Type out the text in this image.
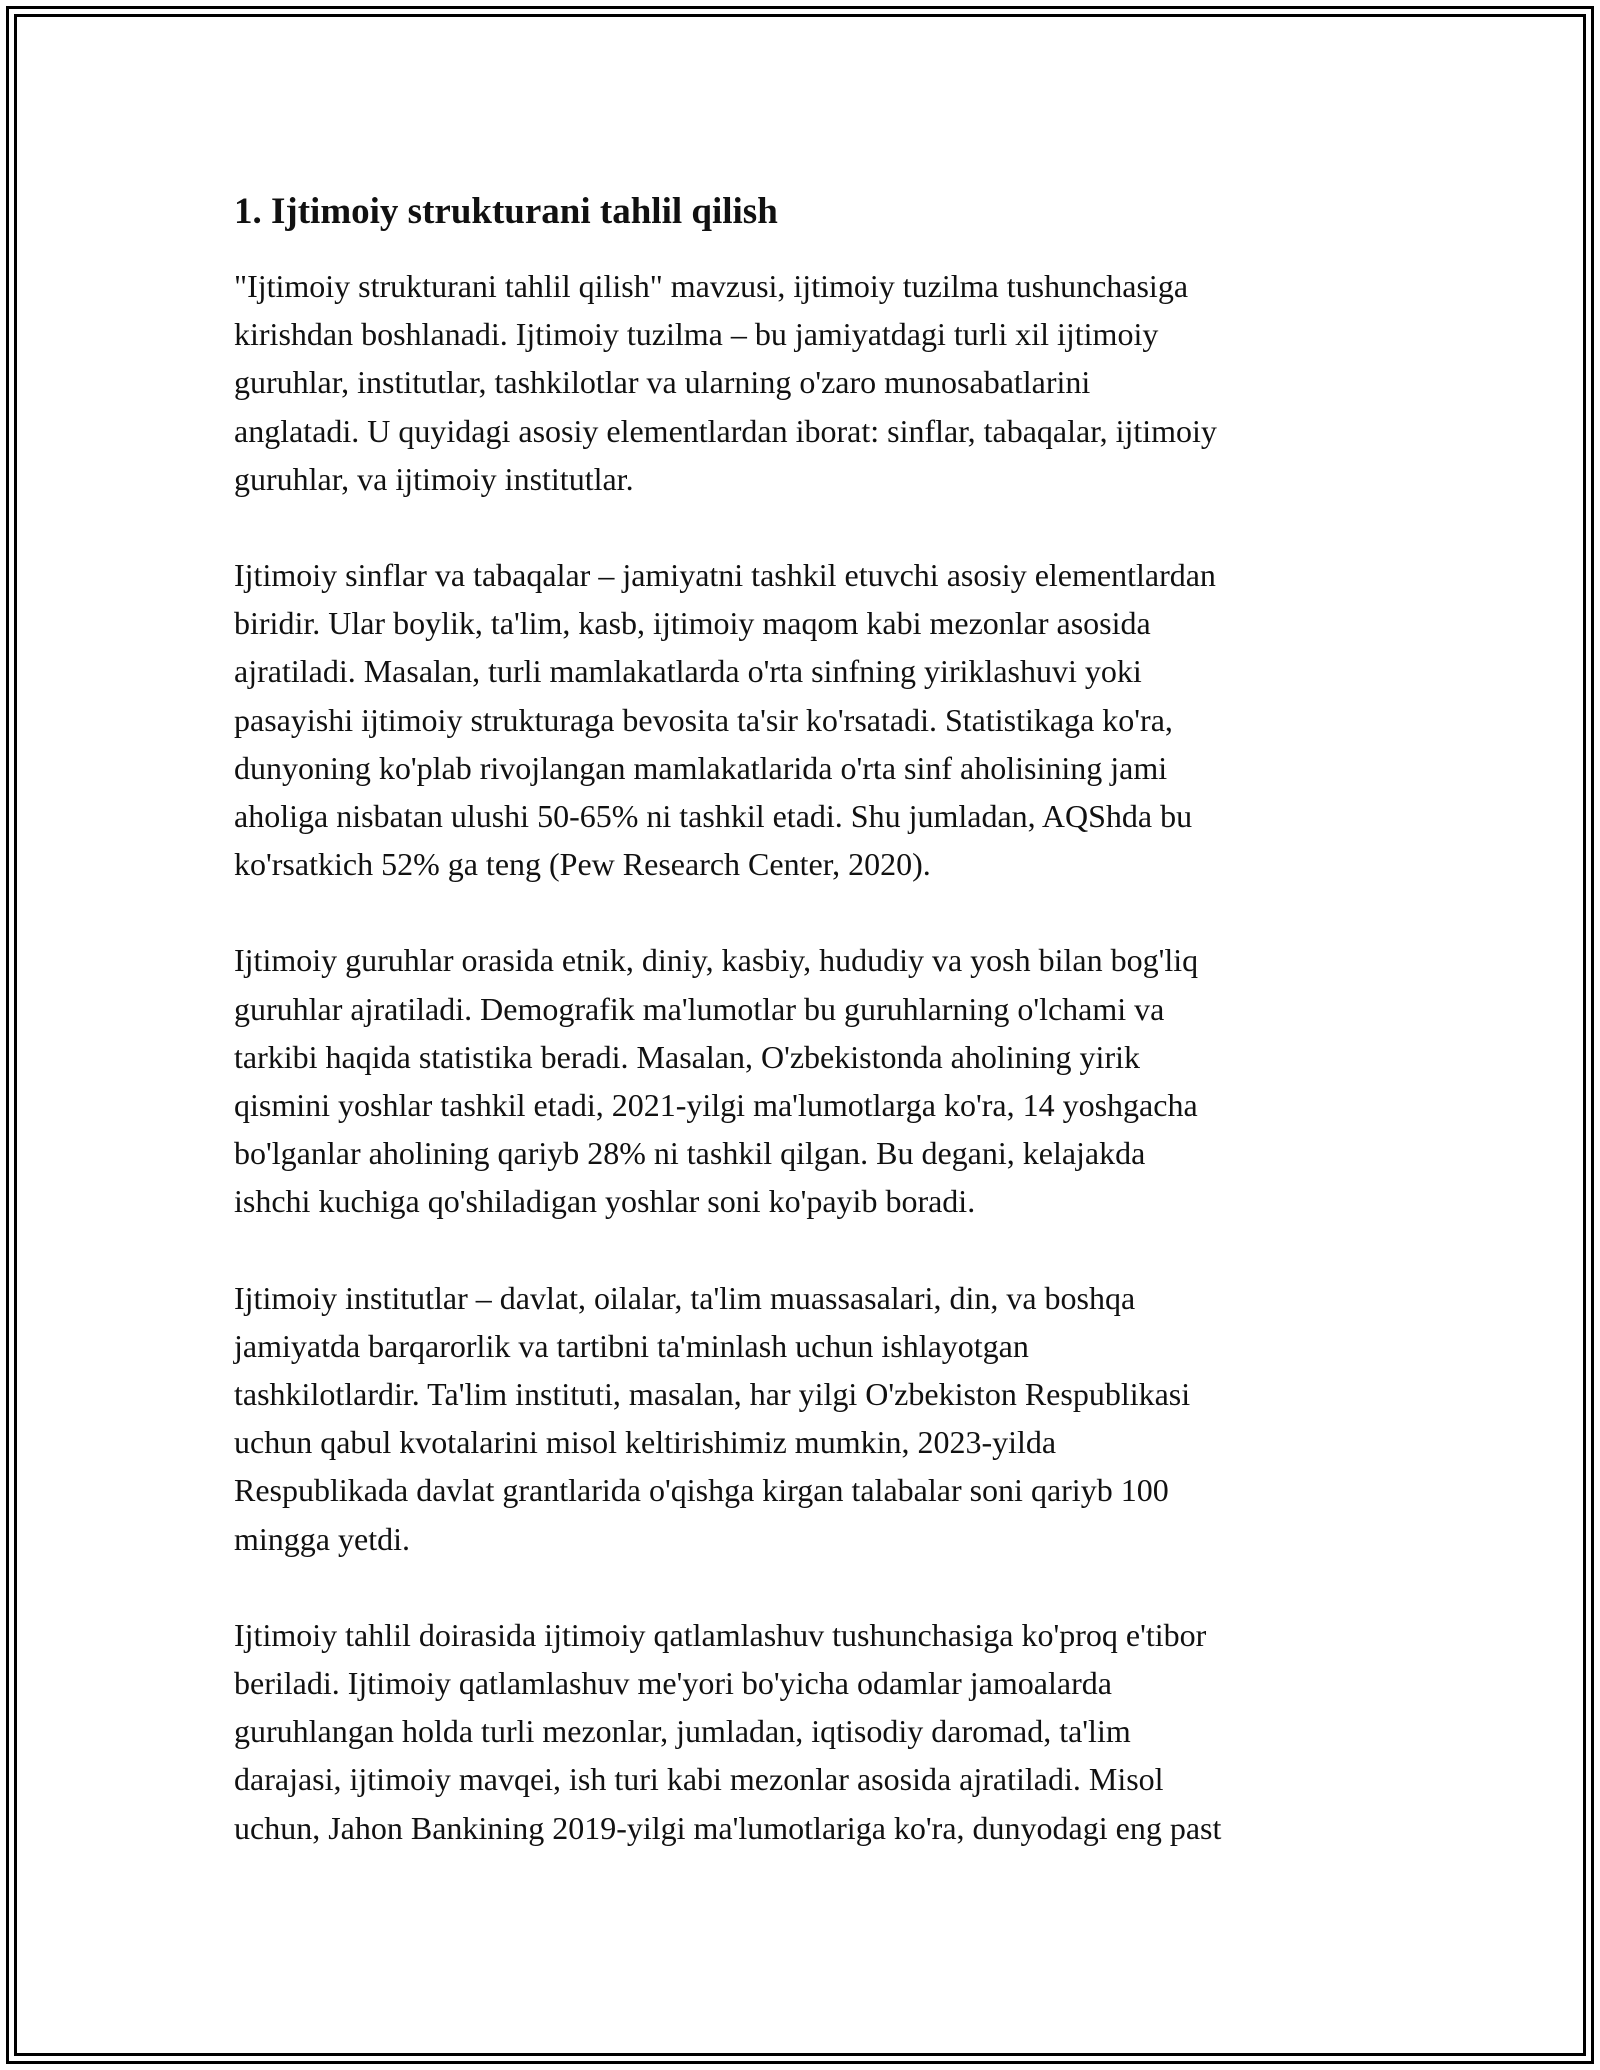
1. Ijtimoiy strukturani tahlil qilish

"Ijtimoiy strukturani tahlil qilish" mavzusi, ijtimoiy tuzilma tushunchasiga
kirishdan boshlanadi. Ijtimoiy tuzilma – bu jamiyatdagi turli xil ijtimoiy
guruhlar, institutlar, tashkilotlar va ularning o'zaro munosabatlarini
anglatadi. U quyidagi asosiy elementlardan iborat: sinflar, tabaqalar, ijtimoiy
guruhlar, va ijtimoiy institutlar.

Ijtimoiy sinflar va tabaqalar – jamiyatni tashkil etuvchi asosiy elementlardan
biridir. Ular boylik, ta'lim, kasb, ijtimoiy maqom kabi mezonlar asosida
ajratiladi. Masalan, turli mamlakatlarda o'rta sinfning yiriklashuvi yoki
pasayishi ijtimoiy strukturaga bevosita ta'sir ko'rsatadi. Statistikaga ko'ra,
dunyoning ko'plab rivojlangan mamlakatlarida o'rta sinf aholisining jami
aholiga nisbatan ulushi 50-65% ni tashkil etadi. Shu jumladan, AQShda bu
ko'rsatkich 52% ga teng (Pew Research Center, 2020).

Ijtimoiy guruhlar orasida etnik, diniy, kasbiy, hududiy va yosh bilan bog'liq
guruhlar ajratiladi. Demografik ma'lumotlar bu guruhlarning o'lchami va
tarkibi haqida statistika beradi. Masalan, O'zbekistonda aholining yirik
qismini yoshlar tashkil etadi, 2021-yilgi ma'lumotlarga ko'ra, 14 yoshgacha
bo'lganlar aholining qariyb 28% ni tashkil qilgan. Bu degani, kelajakda
ishchi kuchiga qo'shiladigan yoshlar soni ko'payib boradi.

Ijtimoiy institutlar – davlat, oilalar, ta'lim muassasalari, din, va boshqa
jamiyatda barqarorlik va tartibni ta'minlash uchun ishlayotgan
tashkilotlardir. Ta'lim instituti, masalan, har yilgi O'zbekiston Respublikasi
uchun qabul kvotalarini misol keltirishimiz mumkin, 2023-yilda
Respublikada davlat grantlarida o'qishga kirgan talabalar soni qariyb 100
mingga yetdi.

Ijtimoiy tahlil doirasida ijtimoiy qatlamlashuv tushunchasiga ko'proq e'tibor
beriladi. Ijtimoiy qatlamlashuv me'yori bo'yicha odamlar jamoalarda
guruhlangan holda turli mezonlar, jumladan, iqtisodiy daromad, ta'lim
darajasi, ijtimoiy mavqei, ish turi kabi mezonlar asosida ajratiladi. Misol
uchun, Jahon Bankining 2019-yilgi ma'lumotlariga ko'ra, dunyodagi eng past
